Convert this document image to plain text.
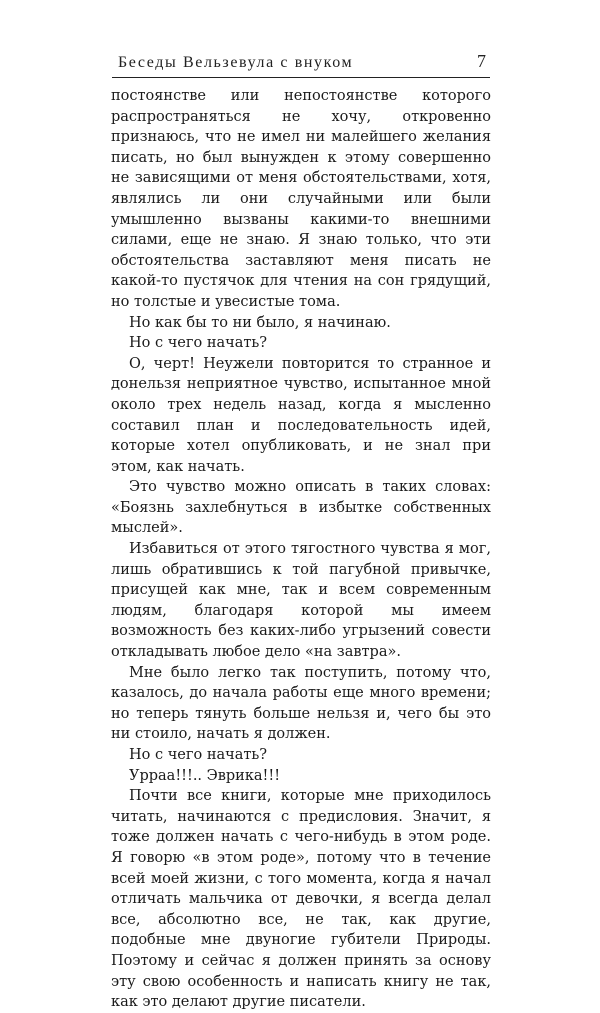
Беседы Вельзевула с внуком	7

постоянстве или непостоянстве которого распространяться не хочу, откровенно признаюсь, что не имел ни малейшего желания писать, но был вынужден к этому совершенно не зависящими от меня обстоятельствами, хотя, являлись ли они случайными или были умышленно вызваны какими-то внешними силами, еще не знаю. Я знаю только, что эти обстоятельства заставляют меня писать не какой-то пустячок для чтения на сон грядущий, но толстые и увесистые тома.

Но как бы то ни было, я начинаю.

Но с чего начать?

О, черт! Неужели повторится то странное и донельзя неприятное чувство, испытанное мной около трех недель назад, когда я мысленно составил план и последовательность идей, которые хотел опубликовать, и не знал при этом, как начать.

Это чувство можно описать в таких словах: «Боязнь захлебнуться в избытке собственных мыслей».

Избавиться от этого тягостного чувства я мог, лишь обратившись к той пагубной привычке, присущей как мне, так и всем современным людям, благодаря которой мы имеем возможность без каких-либо угрызений совести откладывать любое дело «на завтра».

Мне было легко так поступить, потому что, казалось, до начала работы еще много времени; но теперь тянуть больше нельзя и, чего бы это ни стоило, начать я должен.

Но с чего начать?

Урраа!!!.. Эврика!!!

Почти все книги, которые мне приходилось читать, начинаются с предисловия. Значит, я тоже должен начать с чего-нибудь в этом роде. Я говорю «в этом роде», потому что в течение всей моей жизни, с того момента, когда я начал отличать мальчика от девочки, я всегда делал все, абсолютно все, не так, как другие, подобные мне двуногие губители Природы. Поэтому и сейчас я должен принять за основу эту свою особенность и написать книгу не так, как это делают другие писатели.
